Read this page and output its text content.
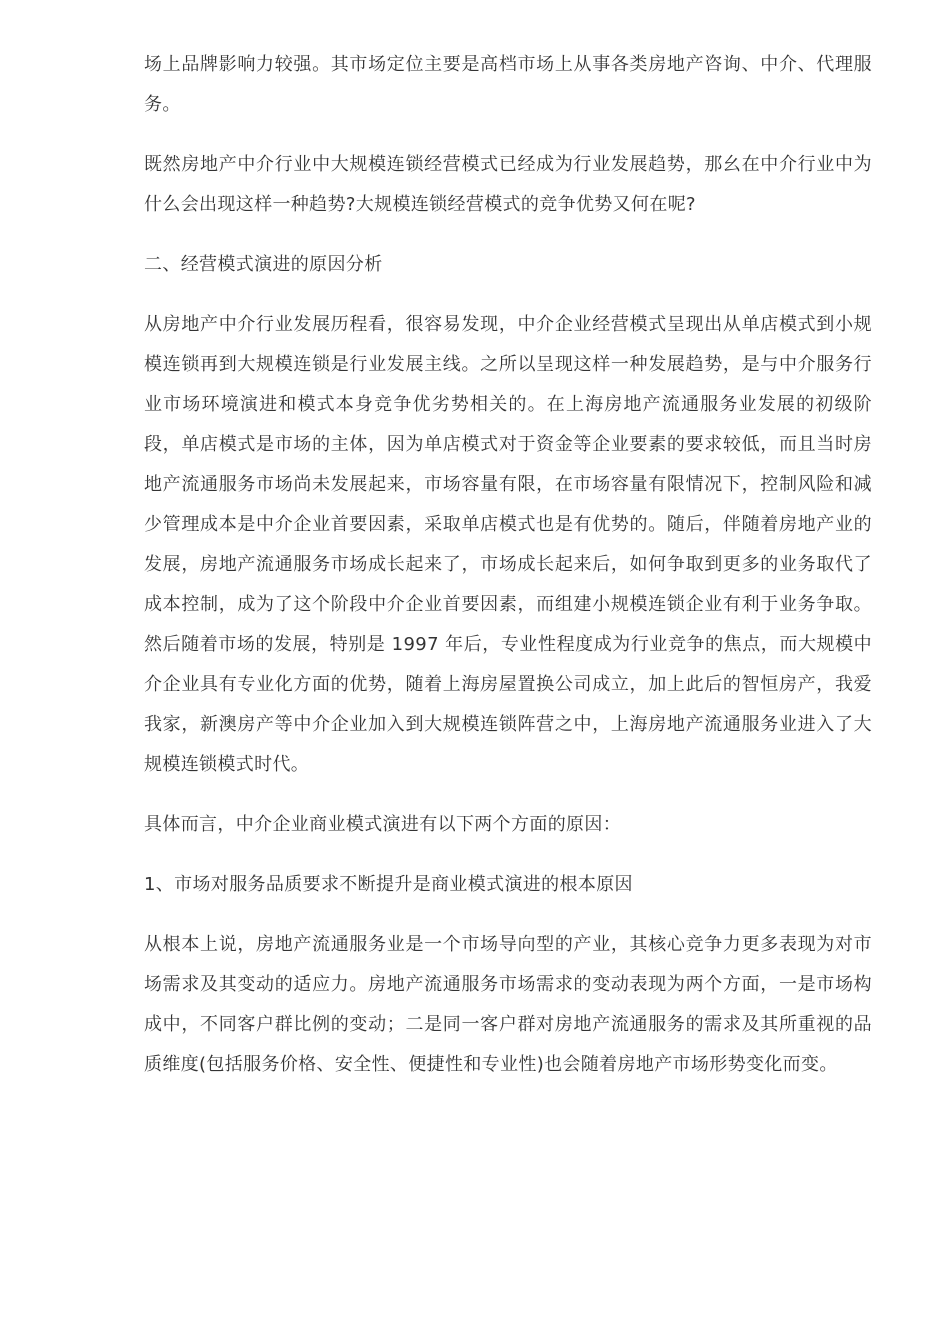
场上品牌影响力较强。其市场定位主要是高档市场上从事各类房地产咨询、中介、代理服务。

既然房地产中介行业中大规模连锁经营模式已经成为行业发展趋势，那幺在中介行业中为什么会出现这样一种趋势?大规模连锁经营模式的竞争优势又何在呢?

二、经营模式演进的原因分析

从房地产中介行业发展历程看，很容易发现，中介企业经营模式呈现出从单店模式到小规模连锁再到大规模连锁是行业发展主线。之所以呈现这样一种发展趋势，是与中介服务行业市场环境演进和模式本身竞争优劣势相关的。在上海房地产流通服务业发展的初级阶段，单店模式是市场的主体，因为单店模式对于资金等企业要素的要求较低，而且当时房地产流通服务市场尚未发展起来，市场容量有限，在市场容量有限情况下，控制风险和减少管理成本是中介企业首要因素，采取单店模式也是有优势的。随后，伴随着房地产业的发展，房地产流通服务市场成长起来了，市场成长起来后，如何争取到更多的业务取代了成本控制，成为了这个阶段中介企业首要因素，而组建小规模连锁企业有利于业务争取。然后随着市场的发展，特别是 1997 年后，专业性程度成为行业竞争的焦点，而大规模中介企业具有专业化方面的优势，随着上海房屋置换公司成立，加上此后的智恒房产，我爱我家，新澳房产等中介企业加入到大规模连锁阵营之中，上海房地产流通服务业进入了大规模连锁模式时代。

具体而言，中介企业商业模式演进有以下两个方面的原因：

1、市场对服务品质要求不断提升是商业模式演进的根本原因

从根本上说，房地产流通服务业是一个市场导向型的产业，其核心竞争力更多表现为对市场需求及其变动的适应力。房地产流通服务市场需求的变动表现为两个方面，一是市场构成中，不同客户群比例的变动；二是同一客户群对房地产流通服务的需求及其所重视的品质维度(包括服务价格、安全性、便捷性和专业性)也会随着房地产市场形势变化而变。
